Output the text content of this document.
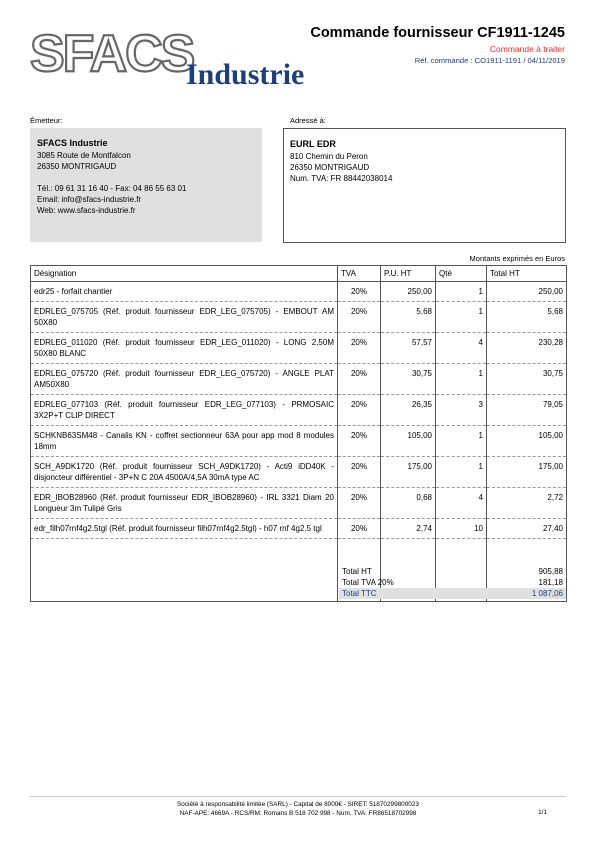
SFACS
Industrie
Commande fournisseur CF1911-1245
Commande à traiter
Réf. commande : CO1911-1191 / 04/11/2019
Émetteur:
SFACS Industrie
3085 Route de Montfalcon
26350 MONTRIGAUD
Tél.: 09 61 31 16 40 - Fax: 04 86 55 63 01
Email: info@sfacs-industrie.fr
Web: www.sfacs-industrie.fr
Adressé à:
EURL EDR
810 Chemin du Peron
26350 MONTRIGAUD
Num. TVA: FR 88442038014
Montants exprimés en Euros
Désignation	TVA	P.U. HT	Qté	Total HT
edr25 - forfait chantier	20%	250,00	1	250,00
EDRLEG_075705 (Réf. produit fournisseur EDR_LEG_075705) - EMBOUT AM 50X80	20%	5,68	1	5,68
EDRLEG_011020 (Réf. produit fournisseur EDR_LEG_011020) - LONG 2,50M 50X80 BLANC	20%	57,57	4	230,28
EDRLEG_075720 (Réf. produit fournisseur EDR_LEG_075720) - ANGLE PLAT AM50X80	20%	30,75	1	30,75
EDRLEG_077103 (Réf. produit fournisseur EDR_LEG_077103) - PRMOSAIC 3X2P+T CLIP DIRECT	20%	26,35	3	79,05
SCHKNB63SM48 - Canalis KN - coffret sectionneur 63A pour app mod 8 modules 18mm	20%	105,00	1	105,00
SCH_A9DK1720 (Réf. produit fournisseur SCH_A9DK1720) - Acti9 iDD40K - disjoncteur différentiel - 3P+N C 20A 4500A/4,5A 30mA type AC	20%	175,00	1	175,00
EDR_IBOB28960 (Réf. produit fournisseur EDR_IBOB28960) - IRL 3321 Diam 20 Longueur 3m Tulipé Gris	20%	0,68	4	2,72
edr_filh07rnf4g2.5tgl (Réf. produit fournisseur filh07rnf4g2.5tgl) - h07 rnf 4g2.5 tgl	20%	2,74	10	27,40

Total HT	905,88
Total TVA 20%	181,18
Total TTC	1 087,06
Société à responsabilité limitée (SARL) - Capital de 8000€ - SIRET: 51870299800023
NAF-APE: 4669A - RCS/RM: Romans B 518 702 998 - Num. TVA: FR86518702998	1/1
